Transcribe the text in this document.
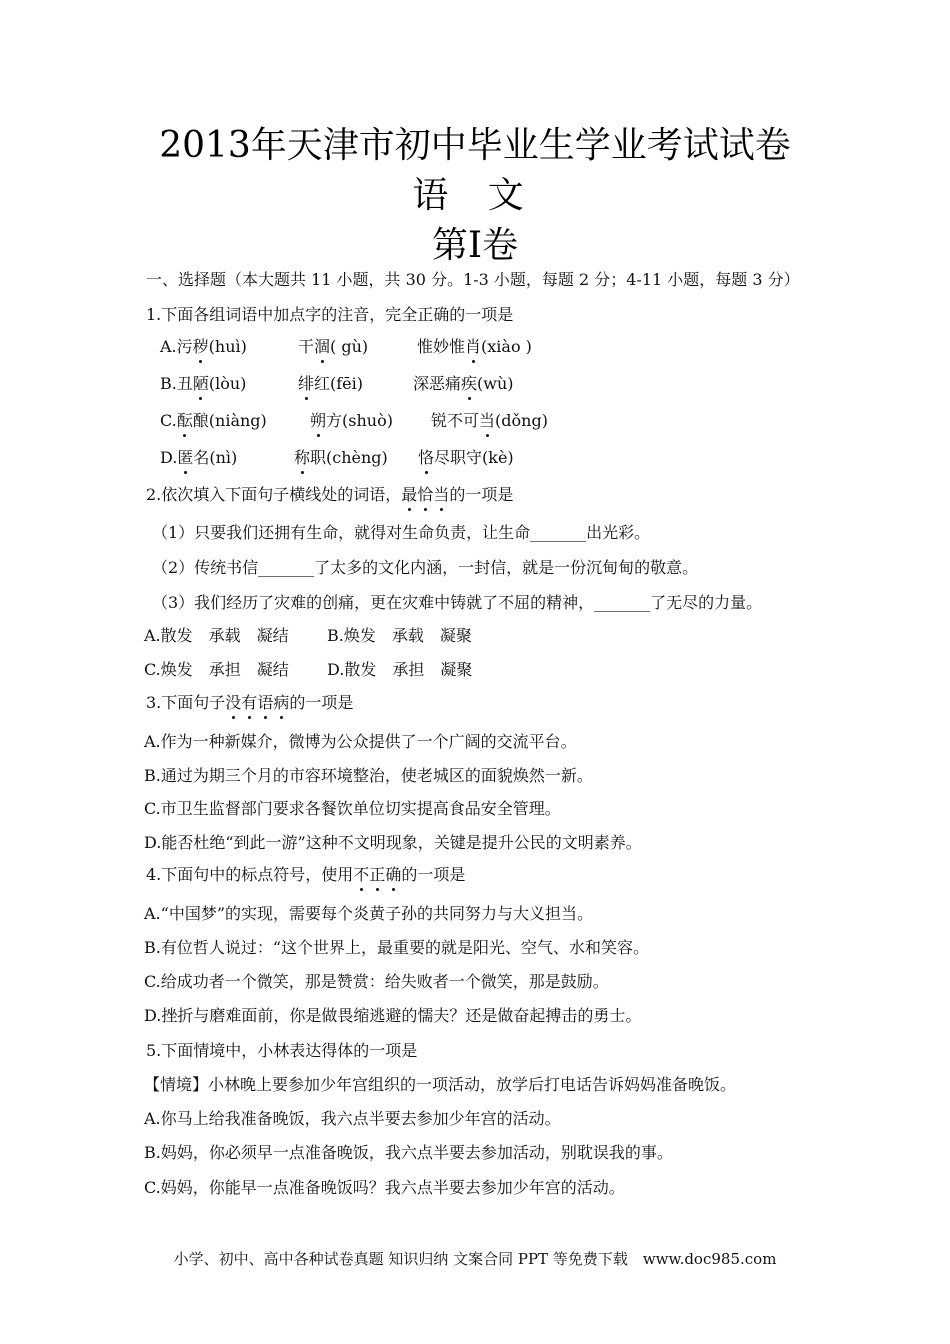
2013年天津市初中毕业生学业考试试卷
语 文
第I卷
一、选择题（本大题共 11 小题，共 30 分。1-3 小题，每题 2 分；4-11 小题，每题 3 分）
1.下面各组词语中加点字的注音，完全正确的一项是
A.污秽(huì)	干涸( gù)	惟妙惟肖(xiào )
B.丑陋(lòu)	绯红(fēi)	深恶痛疾(wù)
C.酝酿(niàng)	朔方(shuò) 锐不可当(dǒng)
D.匿名(nì)	称职(chèng) 恪尽职守(kè)
2.依次填入下面句子横线处的词语，最恰当的一项是
（1）只要我们还拥有生命，就得对生命负责，让生命_______出光彩。
（2）传统书信_______了太多的文化内涵，一封信，就是一份沉甸甸的敬意。
（3）我们经历了灾难的创痛，更在灾难中铸就了不屈的精神，_______了无尽的力量。
A.散发　承载　凝结 B.焕发　承载　凝聚
C.焕发　承担　凝结 D.散发　承担　凝聚
3.下面句子没有语病的一项是
A.作为一种新媒介，微博为公众提供了一个广阔的交流平台。
B.通过为期三个月的市容环境整治，使老城区的面貌焕然一新。
C.市卫生监督部门要求各餐饮单位切实提高食品安全管理。
D.能否杜绝“到此一游”这种不文明现象，关键是提升公民的文明素养。
4.下面句中的标点符号，使用不正确的一项是
A.“中国梦”的实现，需要每个炎黄子孙的共同努力与大义担当。
B.有位哲人说过：“这个世界上，最重要的就是阳光、空气、水和笑容。
C.给成功者一个微笑，那是赞赏：给失败者一个微笑，那是鼓励。
D.挫折与磨难面前，你是做畏缩逃避的懦夫？还是做奋起搏击的勇士。
5.下面情境中，小林表达得体的一项是
【情境】小林晚上要参加少年宫组织的一项活动，放学后打电话告诉妈妈准备晚饭。
A.你马上给我准备晚饭，我六点半要去参加少年宫的活动。
B.妈妈，你必须早一点准备晚饭，我六点半要去参加活动，别耽误我的事。
C.妈妈，你能早一点准备晚饭吗？我六点半要去参加少年宫的活动。
小学、初中、高中各种试卷真题 知识归纳 文案合同 PPT 等免费下载　www.doc985.com
